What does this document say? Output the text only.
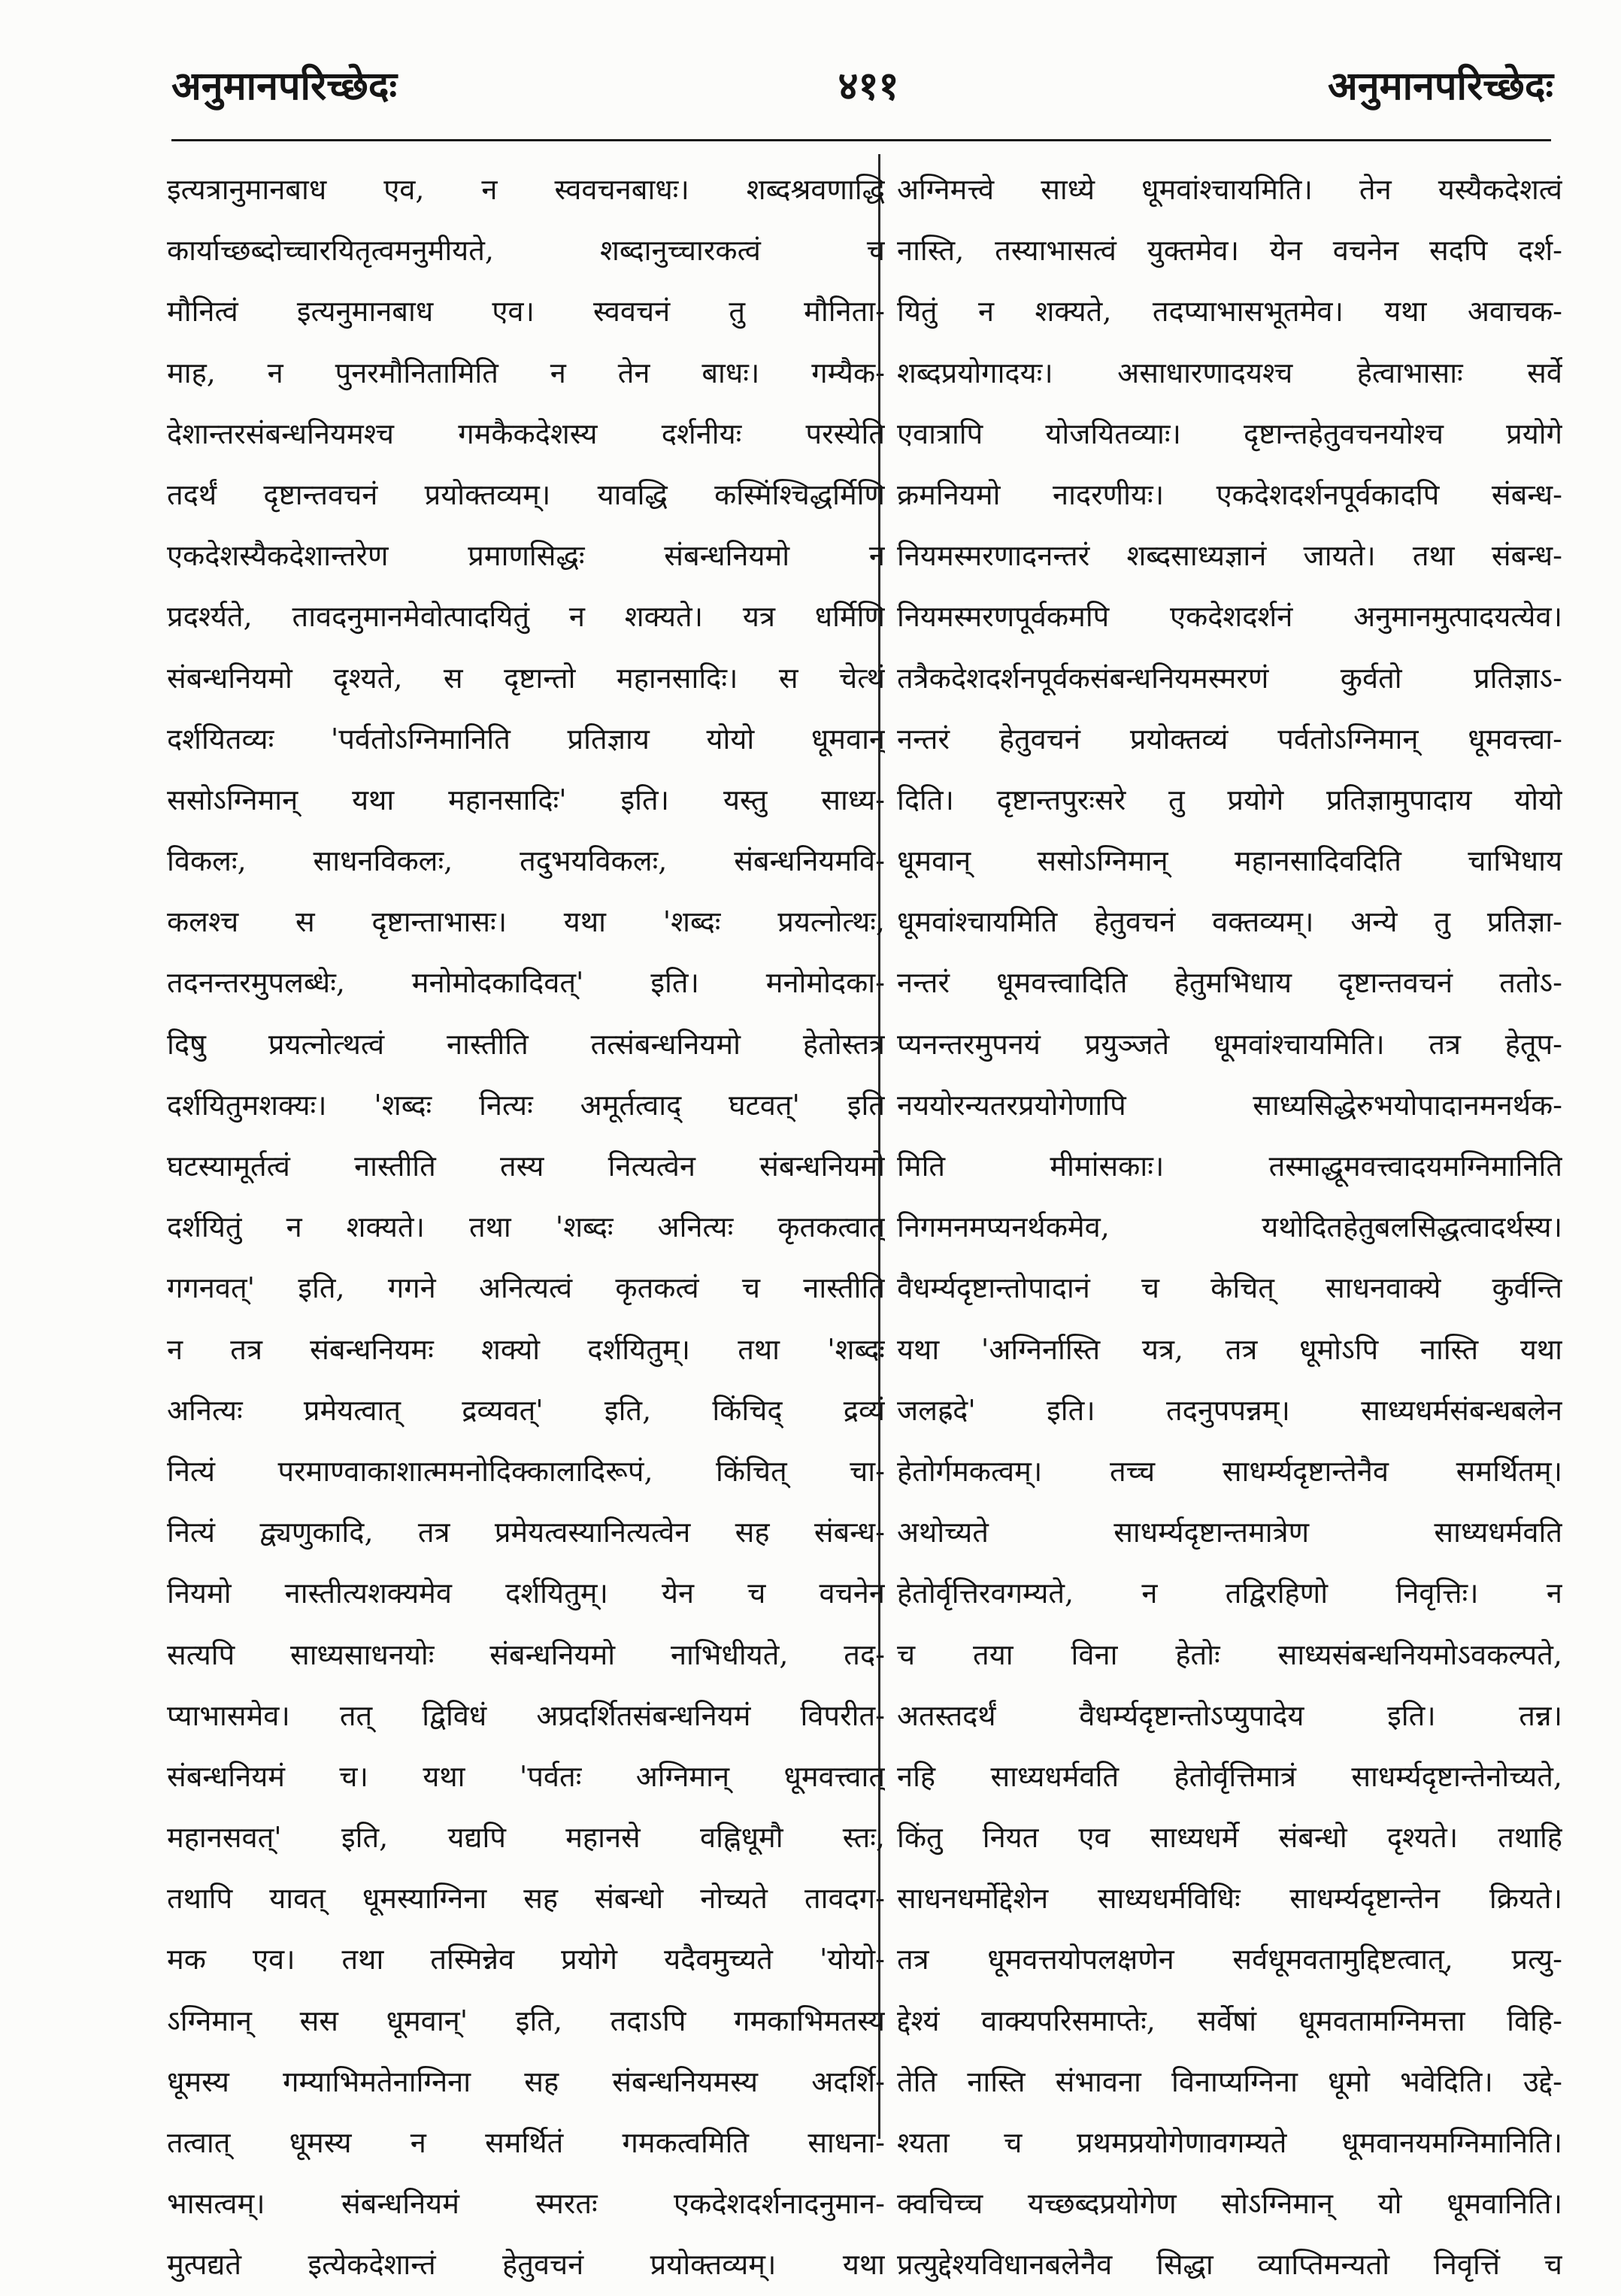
अनुमानपरिच्छेदः	४११	अनुमानपरिच्छेदः
इत्यत्रानुमानबाध एव, न स्ववचनबाधः। शब्दश्रवणाद्धि
कार्याच्छब्दोच्चारयितृत्वमनुमीयते, शब्दानुच्चारकत्वं च
मौनित्वं इत्यनुमानबाध एव। स्ववचनं तु मौनिता-
माह, न पुनरमौनितामिति न तेन बाधः। गम्यैक-
देशान्तरसंबन्धनियमश्च गमकैकदेशस्य दर्शनीयः परस्येति
तदर्थं दृष्टान्तवचनं प्रयोक्तव्यम्। यावद्धि कस्मिंश्चिद्धर्मिणि
एकदेशस्यैकदेशान्तरेण प्रमाणसिद्धः संबन्धनियमो न
प्रदर्श्यते, तावदनुमानमेवोत्पादयितुं न शक्यते। यत्र धर्मिणि
संबन्धनियमो दृश्यते, स दृष्टान्तो महानसादिः। स चेत्थं
दर्शयितव्यः 'पर्वतोऽग्निमानिति प्रतिज्ञाय योयो धूमवान्
ससोऽग्निमान् यथा महानसादिः' इति। यस्तु साध्य-
विकलः, साधनविकलः, तदुभयविकलः, संबन्धनियमवि-
कलश्च स दृष्टान्ताभासः। यथा 'शब्दः प्रयत्नोत्थः,
तदनन्तरमुपलब्धेः, मनोमोदकादिवत्' इति। मनोमोदका-
दिषु प्रयत्नोत्थत्वं नास्तीति तत्संबन्धनियमो हेतोस्तत्र
दर्शयितुमशक्यः। 'शब्दः नित्यः अमूर्तत्वाद् घटवत्' इति
घटस्यामूर्तत्वं नास्तीति तस्य नित्यत्वेन संबन्धनियमो
दर्शयितुं न शक्यते। तथा 'शब्दः अनित्यः कृतकत्वात्
गगनवत्' इति, गगने अनित्यत्वं कृतकत्वं च नास्तीति
न तत्र संबन्धनियमः शक्यो दर्शयितुम्। तथा 'शब्दः
अनित्यः प्रमेयत्वात् द्रव्यवत्' इति, किंचिद् द्रव्यं
नित्यं परमाण्वाकाशात्ममनोदिक्कालादिरूपं, किंचित् चा-
नित्यं द्व्यणुकादि, तत्र प्रमेयत्वस्यानित्यत्वेन सह संबन्ध-
नियमो नास्तीत्यशक्यमेव दर्शयितुम्। येन च वचनेन
सत्यपि साध्यसाधनयोः संबन्धनियमो नाभिधीयते, तद-
प्याभासमेव। तत् द्विविधं अप्रदर्शितसंबन्धनियमं विपरीत-
संबन्धनियमं च। यथा 'पर्वतः अग्निमान् धूमवत्त्वात्
महानसवत्' इति, यद्यपि महानसे वह्निधूमौ स्तः,
तथापि यावत् धूमस्याग्निना सह संबन्धो नोच्यते तावदग-
मक एव। तथा तस्मिन्नेव प्रयोगे यदैवमुच्यते 'योयो-
ऽग्निमान् सस धूमवान्' इति, तदाऽपि गमकाभिमतस्य
धूमस्य गम्याभिमतेनाग्निना सह संबन्धनियमस्य अदर्शि-
तत्वात् धूमस्य न समर्थितं गमकत्वमिति साधना-
भासत्वम्। संबन्धनियमं स्मरतः एकदेशदर्शनादनुमान-
मुत्पद्यते इत्येकदेशान्तं हेतुवचनं प्रयोक्तव्यम्। यथा
अग्निमत्त्वे साध्ये धूमवांश्चायमिति। तेन यस्यैकदेशत्वं
नास्ति, तस्याभासत्वं युक्तमेव। येन वचनेन सदपि दर्श-
यितुं न शक्यते, तदप्याभासभूतमेव। यथा अवाचक-
शब्दप्रयोगादयः। असाधारणादयश्च हेत्वाभासाः सर्वे
एवात्रापि योजयितव्याः। दृष्टान्तहेतुवचनयोश्च प्रयोगे
क्रमनियमो नादरणीयः। एकदेशदर्शनपूर्वकादपि संबन्ध-
नियमस्मरणादनन्तरं शब्दसाध्यज्ञानं जायते। तथा संबन्ध-
नियमस्मरणपूर्वकमपि एकदेशदर्शनं अनुमानमुत्पादयत्येव।
तत्रैकदेशदर्शनपूर्वकसंबन्धनियमस्मरणं कुर्वतो प्रतिज्ञाऽ-
नन्तरं हेतुवचनं प्रयोक्तव्यं पर्वतोऽग्निमान् धूमवत्त्वा-
दिति। दृष्टान्तपुरःसरे तु प्रयोगे प्रतिज्ञामुपादाय योयो
धूमवान् ससोऽग्निमान् महानसादिवदिति चाभिधाय
धूमवांश्चायमिति हेतुवचनं वक्तव्यम्। अन्ये तु प्रतिज्ञा-
नन्तरं धूमवत्त्वादिति हेतुमभिधाय दृष्टान्तवचनं ततोऽ-
प्यनन्तरमुपनयं प्रयुञ्जते धूमवांश्चायमिति। तत्र हेतूप-
नययोरन्यतरप्रयोगेणापि साध्यसिद्धेरुभयोपादानमनर्थक-
मिति मीमांसकाः। तस्माद्धूमवत्त्वादयमग्निमानिति
निगमनमप्यनर्थकमेव, यथोदितहेतुबलसिद्धत्वादर्थस्य।
वैधर्म्यदृष्टान्तोपादानं च केचित् साधनवाक्ये कुर्वन्ति
यथा 'अग्निर्नास्ति यत्र, तत्र धूमोऽपि नास्ति यथा
जलह्रदे' इति। तदनुपपन्नम्। साध्यधर्मसंबन्धबलेन
हेतोर्गमकत्वम्। तच्च साधर्म्यदृष्टान्तेनैव समर्थितम्।
अथोच्यते साधर्म्यदृष्टान्तमात्रेण साध्यधर्मवति
हेतोर्वृत्तिरवगम्यते, न तद्विरहिणो निवृत्तिः। न
च तया विना हेतोः साध्यसंबन्धनियमोऽवकल्पते,
अतस्तदर्थं वैधर्म्यदृष्टान्तोऽप्युपादेय इति। तन्न।
नहि साध्यधर्मवति हेतोर्वृत्तिमात्रं साधर्म्यदृष्टान्तेनोच्यते,
किंतु नियत एव साध्यधर्मे संबन्धो दृश्यते। तथाहि
साधनधर्मोद्देशेन साध्यधर्मविधिः साधर्म्यदृष्टान्तेन क्रियते।
तत्र धूमवत्तयोपलक्षणेन सर्वधूमवतामुद्दिष्टत्वात्, प्रत्यु-
द्देश्यं वाक्यपरिसमाप्तेः, सर्वेषां धूमवतामग्निमत्ता विहि-
तेति नास्ति संभावना विनाप्यग्निना धूमो भवेदिति। उद्दे-
श्यता च प्रथमप्रयोगेणावगम्यते धूमवानयमग्निमानिति।
क्वचिच्च यच्छब्दप्रयोगेण सोऽग्निमान् यो धूमवानिति।
प्रत्युद्देश्यविधानबलेनैव सिद्धा व्याप्तिमन्यतो निवृत्तिं च
